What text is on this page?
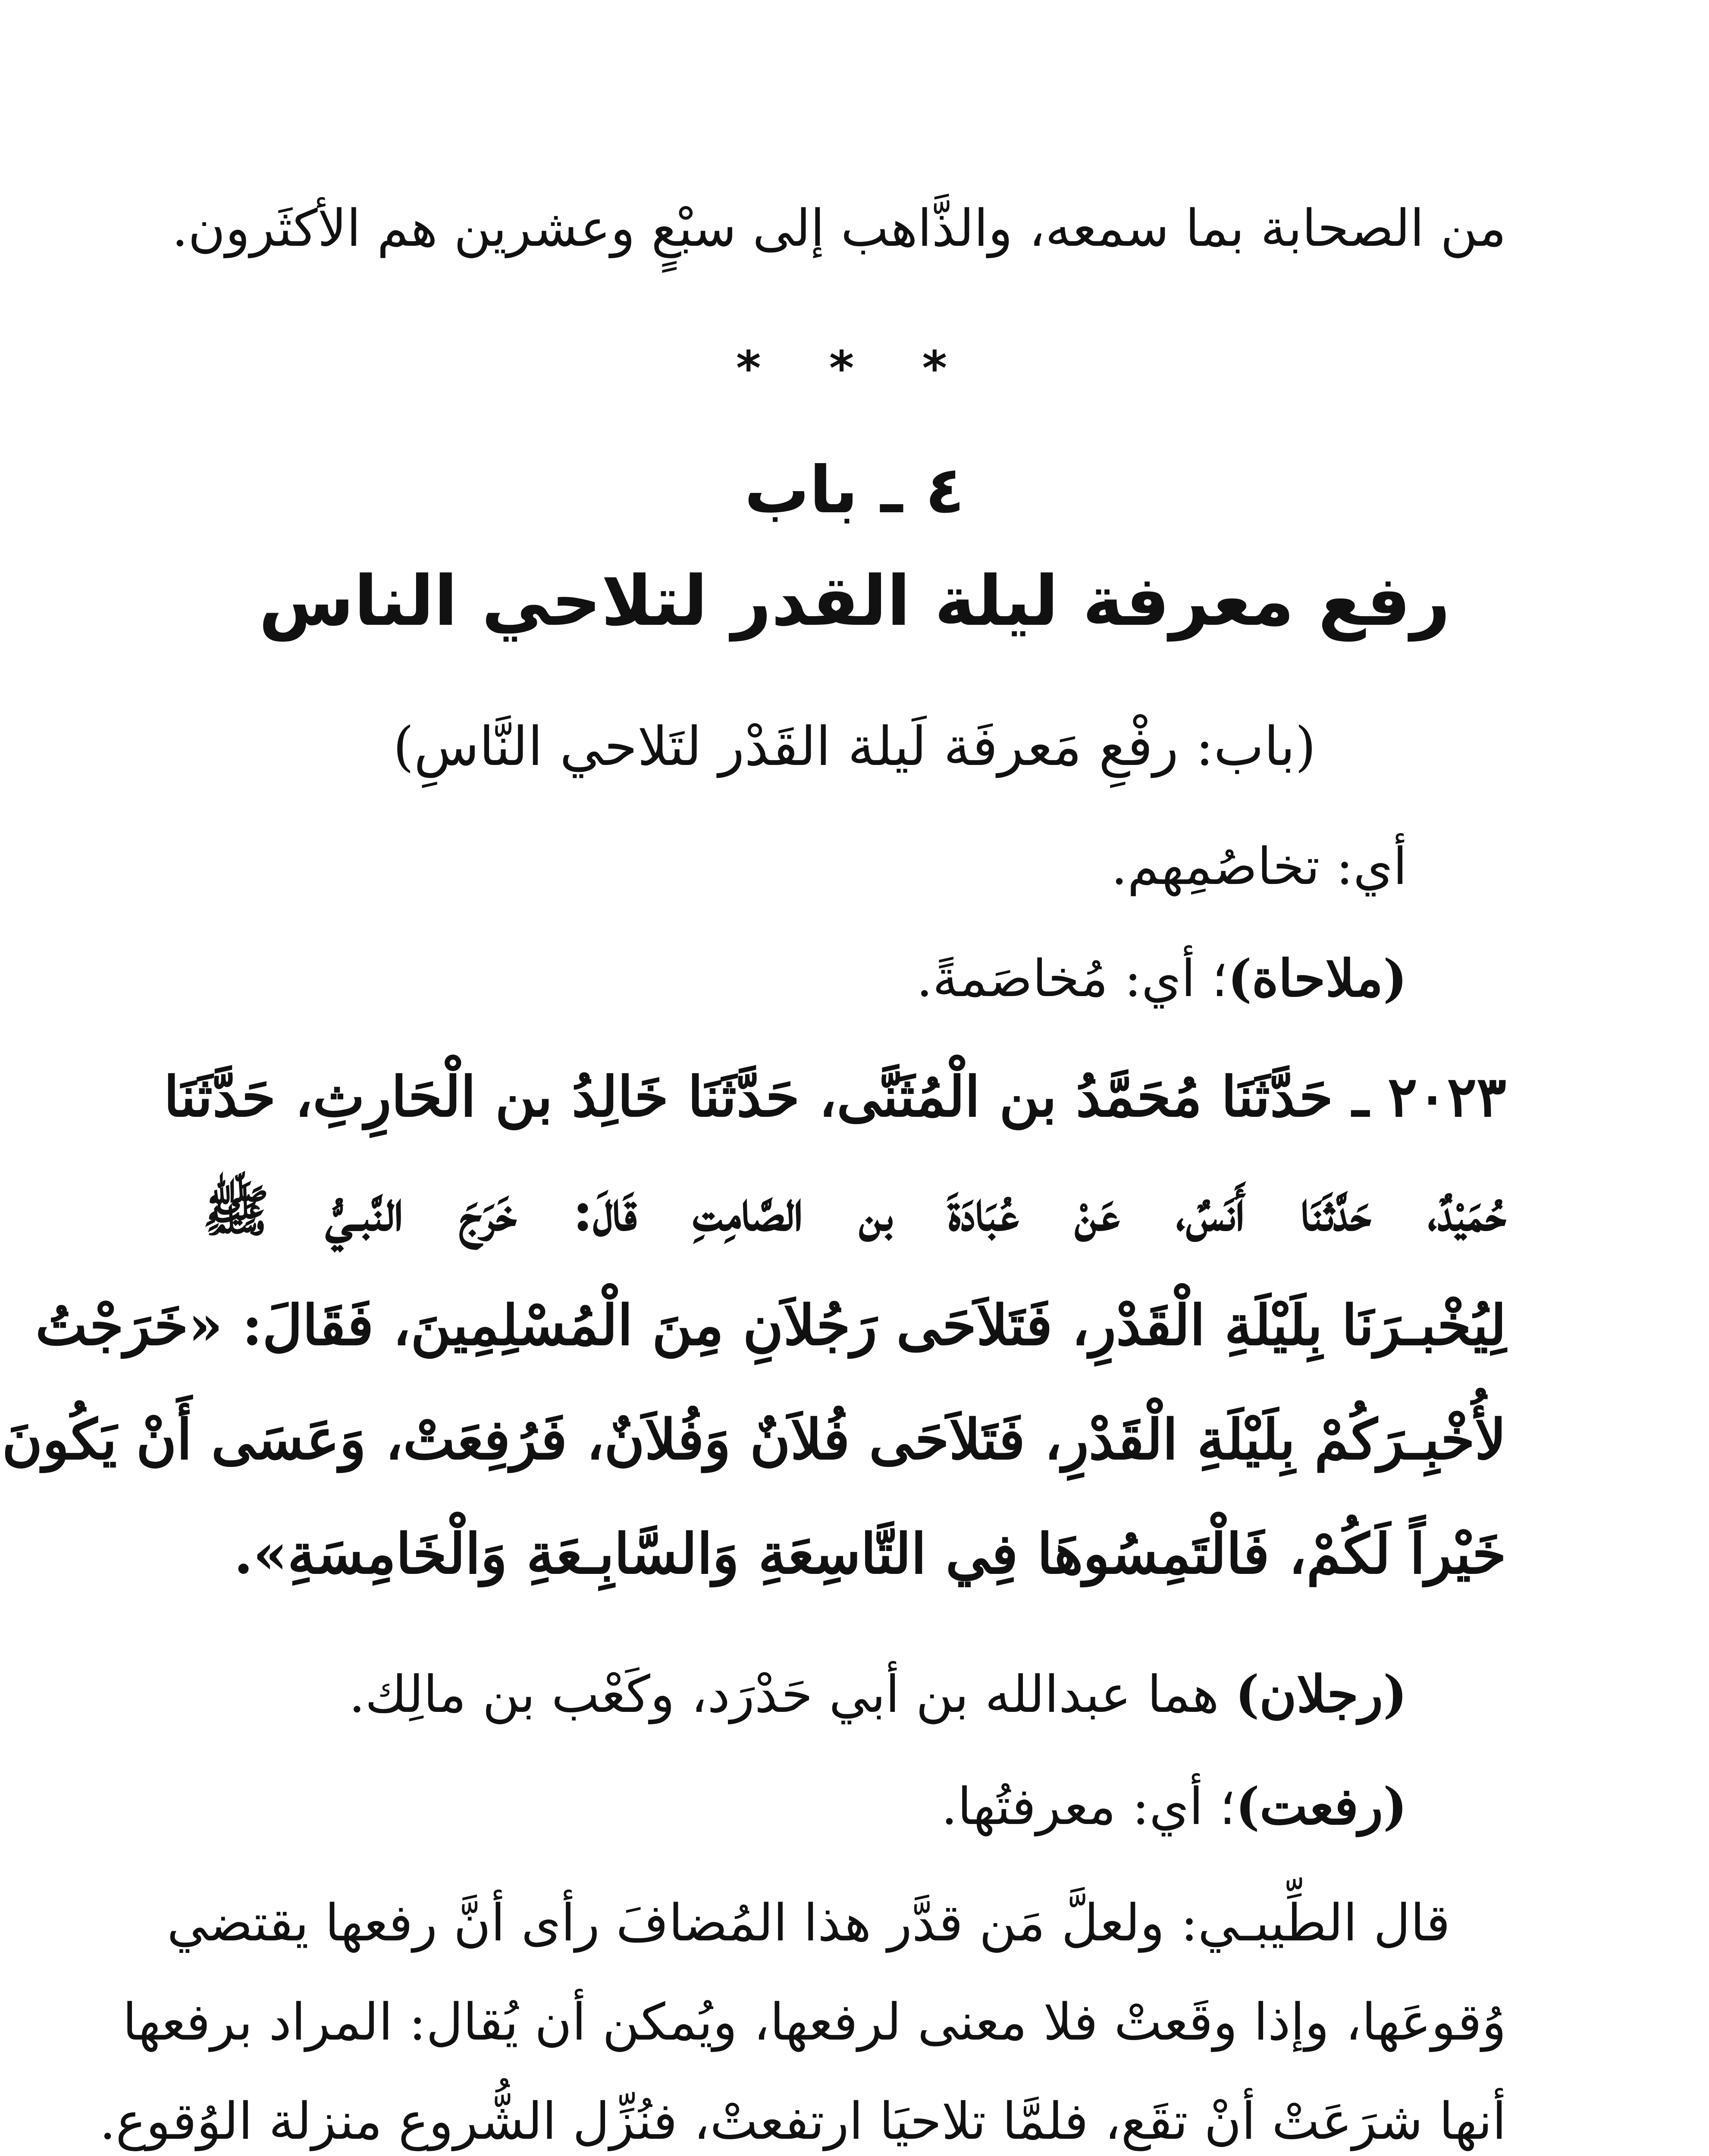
من الصحابة بما سمعه، والذَّاهب إلى سبْعٍ وعشرين هم الأكثَرون.
* * *
٤ ـ باب
رفع معرفة ليلة القدر لتلاحي الناس
(باب: رفْعِ مَعرفَة لَيلة القَدْر لتَلاحي النَّاسِ)
أي: تخاصُمِهم.
(ملاحاة)؛ أي: مُخاصَمةً.
٢٠٢٣ ـ حَدَّثَنَا مُحَمَّدُ بن الْمُثَنَّى، حَدَّثَنَا خَالِدُ بن الْحَارِثِ، حَدَّثَنَا
حُمَيْدٌ، حَدَّثَنَا أَنَسٌ، عَنْ عُبَادَةَ بن الصَّامِتِ قَالَ: خَرَجَ النَّبـيُّ ﷺ
لِيُخْبـرَنَا بِلَيْلَةِ الْقَدْرِ، فَتَلاَحَى رَجُلاَنِ مِنَ الْمُسْلِمِينَ، فَقَالَ: «خَرَجْتُ
لأُخْبِـرَكُمْ بِلَيْلَةِ الْقَدْرِ، فَتَلاَحَى فُلاَنٌ وَفُلاَنٌ، فَرُفِعَتْ، وَعَسَى أَنْ يَكُونَ
خَيْراً لَكُمْ، فَالْتَمِسُوهَا فِي التَّاسِعَةِ وَالسَّابِـعَةِ وَالْخَامِسَةِ».
(رجلان) هما عبدالله بن أبي حَدْرَد، وكَعْب بن مالِك.
(رفعت)؛ أي: معرفتُها.
قال الطِّيبـي: ولعلَّ مَن قدَّر هذا المُضافَ رأى أنَّ رفعها يقتضي
وُقوعَها، وإذا وقَعتْ فلا معنى لرفعها، ويُمكن أن يُقال: المراد برفعها
أنها شرَعَتْ أنْ تقَع، فلمَّا تلاحيَا ارتفعتْ، فنُزِّل الشُّروع منزلة الوُقوع.
